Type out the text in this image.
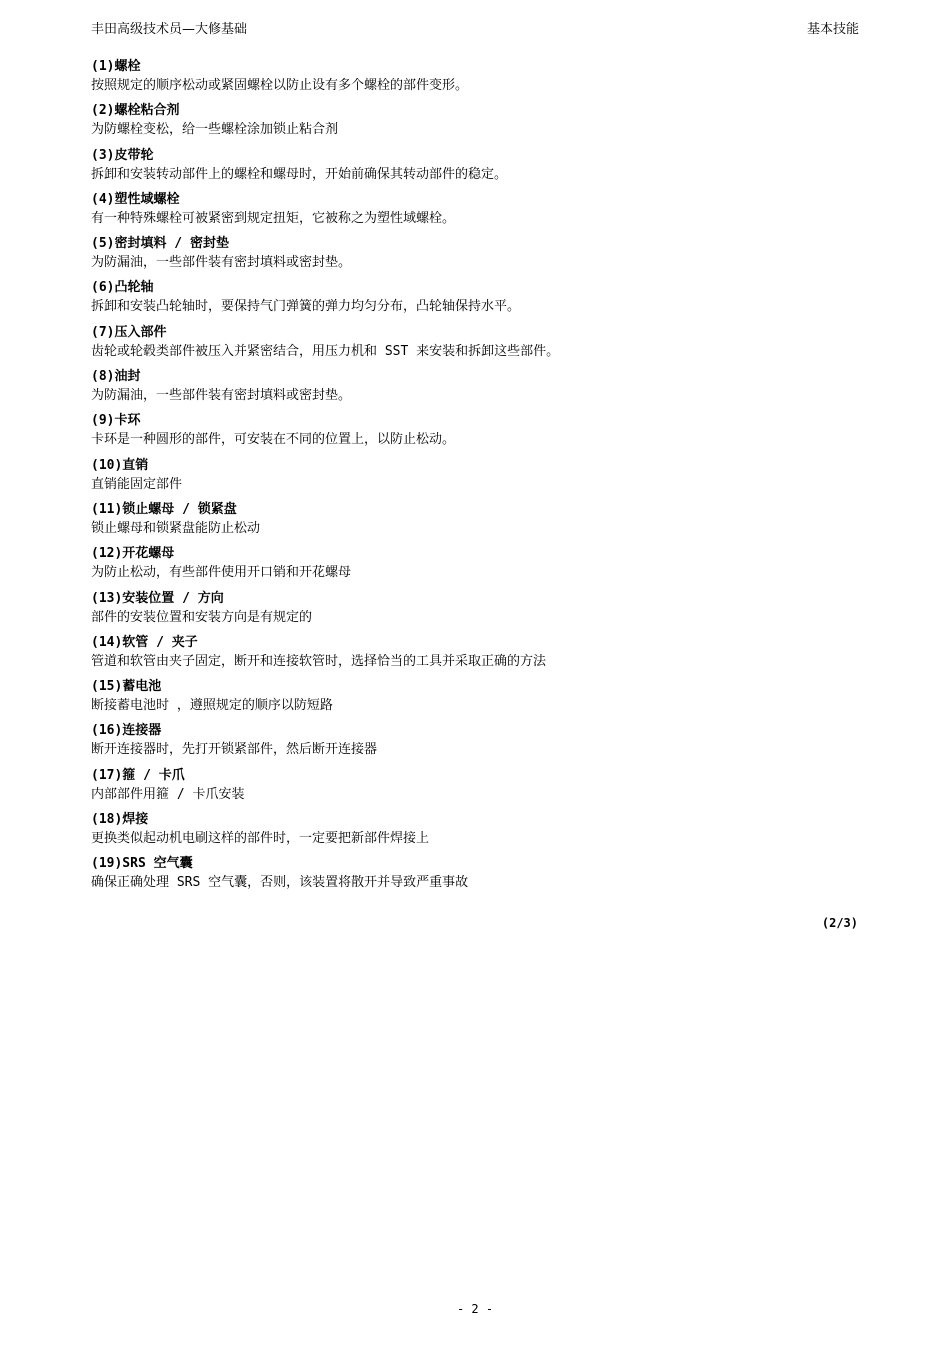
丰田高级技术员—大修基础	基本技能
(1)螺栓
按照规定的顺序松动或紧固螺栓以防止设有多个螺栓的部件变形。
(2)螺栓粘合剂
为防螺栓变松，给一些螺栓涂加锁止粘合剂
(3)皮带轮
拆卸和安装转动部件上的螺栓和螺母时，开始前确保其转动部件的稳定。
(4)塑性域螺栓
有一种特殊螺栓可被紧密到规定扭矩，它被称之为塑性域螺栓。
(5)密封填料 / 密封垫
为防漏油，一些部件装有密封填料或密封垫。
(6)凸轮轴
拆卸和安装凸轮轴时，要保持气门弹簧的弹力均匀分布，凸轮轴保持水平。
(7)压入部件
齿轮或轮毂类部件被压入并紧密结合，用压力机和 SST 来安装和拆卸这些部件。
(8)油封
为防漏油，一些部件装有密封填料或密封垫。
(9)卡环
卡环是一种圆形的部件，可安装在不同的位置上，以防止松动。
(10)直销
直销能固定部件
(11)锁止螺母 / 锁紧盘
锁止螺母和锁紧盘能防止松动
(12)开花螺母
为防止松动，有些部件使用开口销和开花螺母
(13)安装位置 / 方向
部件的安装位置和安装方向是有规定的
(14)软管 / 夹子
管道和软管由夹子固定，断开和连接软管时，选择恰当的工具并采取正确的方法
(15)蓄电池
断接蓄电池时 ，遵照规定的顺序以防短路
(16)连接器
断开连接器时，先打开锁紧部件，然后断开连接器
(17)箍 / 卡爪
内部部件用箍 / 卡爪安装
(18)焊接
更换类似起动机电刷这样的部件时，一定要把新部件焊接上
(19)SRS 空气囊
确保正确处理 SRS 空气囊，否则，该装置将散开并导致严重事故
(2/3)
- 2 -
